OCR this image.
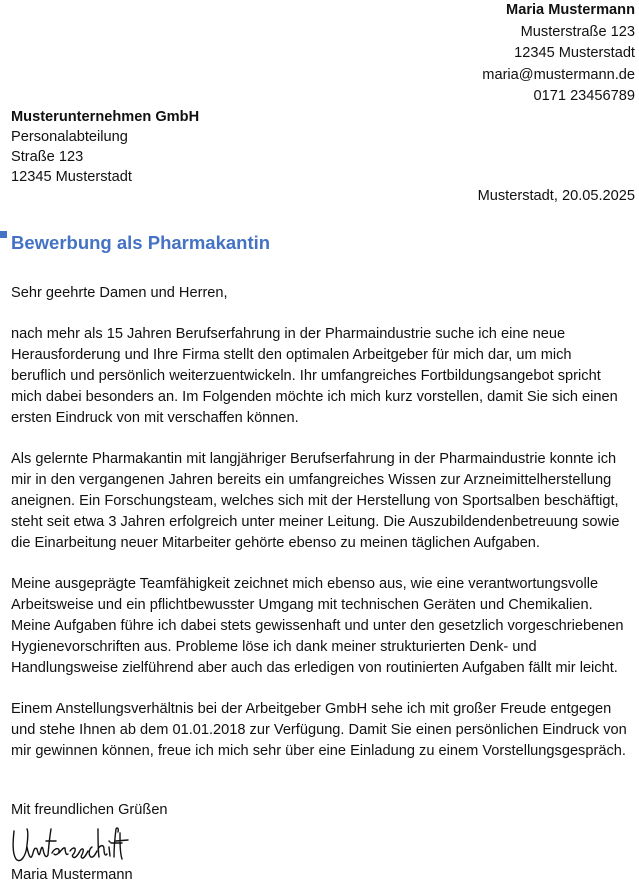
Maria Mustermann
Musterstraße 123
12345 Musterstadt
maria@mustermann.de
0171 23456789
Musterunternehmen GmbH
Personalabteilung
Straße 123
12345 Musterstadt
Musterstadt, 20.05.2025
Bewerbung als Pharmakantin

Sehr geehrte Damen und Herren,

nach mehr als 15 Jahren Berufserfahrung in der Pharmaindustrie suche ich eine neue
Herausforderung und Ihre Firma stellt den optimalen Arbeitgeber für mich dar, um mich
beruflich und persönlich weiterzuentwickeln. Ihr umfangreiches Fortbildungsangebot spricht
mich dabei besonders an. Im Folgenden möchte ich mich kurz vorstellen, damit Sie sich einen
ersten Eindruck von mit verschaffen können.

Als gelernte Pharmakantin mit langjähriger Berufserfahrung in der Pharmaindustrie konnte ich
mir in den vergangenen Jahren bereits ein umfangreiches Wissen zur Arzneimittelherstellung
aneignen. Ein Forschungsteam, welches sich mit der Herstellung von Sportsalben beschäftigt,
steht seit etwa 3 Jahren erfolgreich unter meiner Leitung. Die Auszubildendenbetreuung sowie
die Einarbeitung neuer Mitarbeiter gehörte ebenso zu meinen täglichen Aufgaben.

Meine ausgeprägte Teamfähigkeit zeichnet mich ebenso aus, wie eine verantwortungsvolle
Arbeitsweise und ein pflichtbewusster Umgang mit technischen Geräten und Chemikalien.
Meine Aufgaben führe ich dabei stets gewissenhaft und unter den gesetzlich vorgeschriebenen
Hygienevorschriften aus. Probleme löse ich dank meiner strukturierten Denk- und
Handlungsweise zielführend aber auch das erledigen von routinierten Aufgaben fällt mir leicht.

Einem Anstellungsverhältnis bei der Arbeitgeber GmbH sehe ich mit großer Freude entgegen
und stehe Ihnen ab dem 01.01.2018 zur Verfügung. Damit Sie einen persönlichen Eindruck von
mir gewinnen können, freue ich mich sehr über eine Einladung zu einem Vorstellungsgespräch.

Mit freundlichen Grüßen
Maria Mustermann
